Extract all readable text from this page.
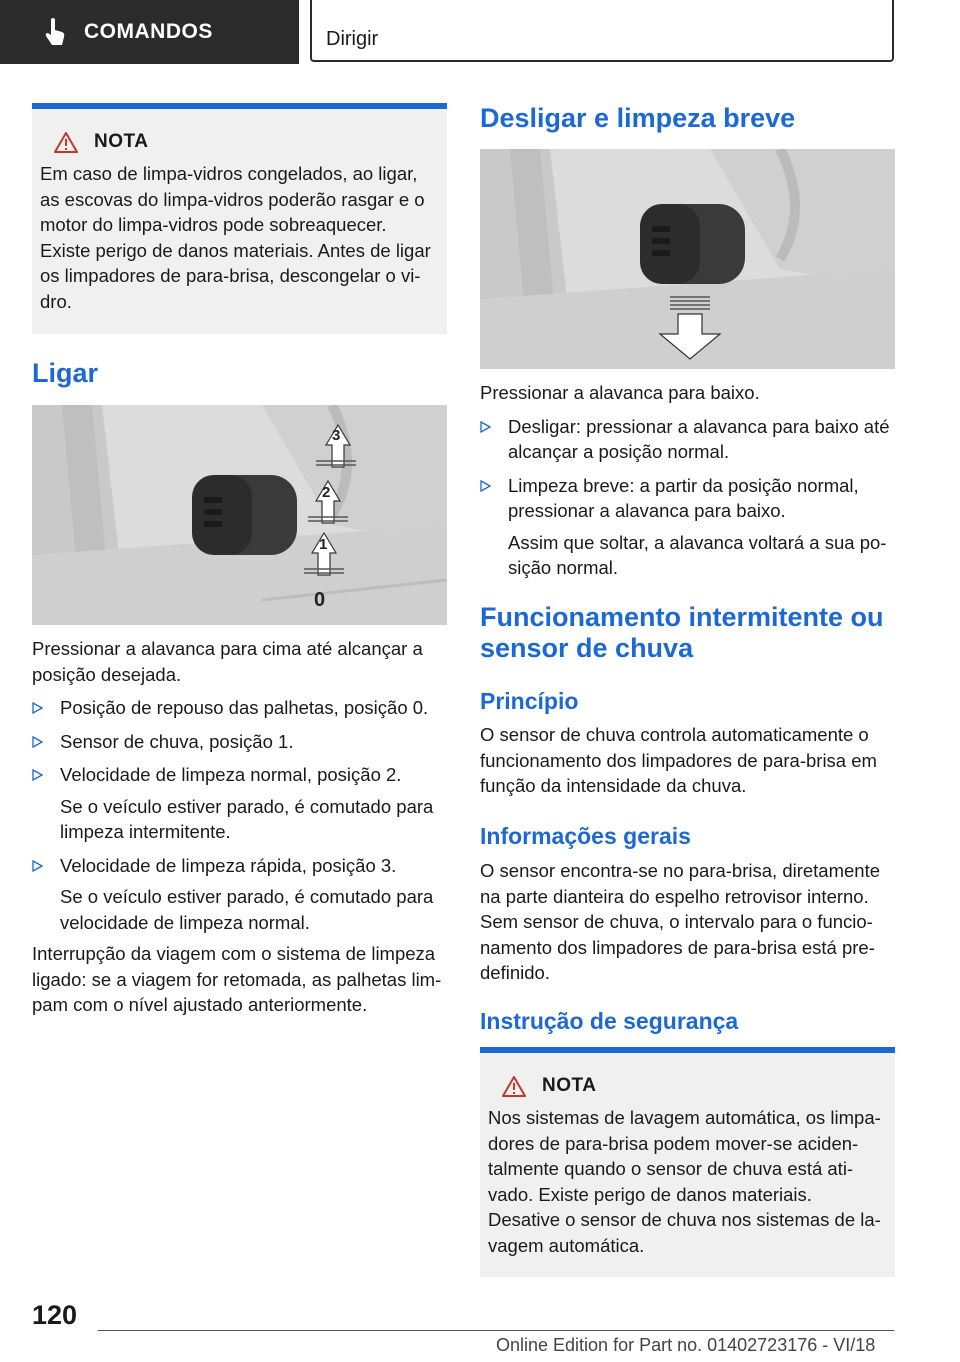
COMANDOS	Dirigir
NOTA

Em caso de limpa-vidros congelados, ao ligar, as escovas do limpa-vidros poderão rasgar e o motor do limpa-vidros pode sobreaquecer. Existe perigo de danos materiais. Antes de ligar os limpadores de para-brisa, descongelar o vi-dro.

Ligar
3
2
1
0

Pressionar a alavanca para cima até alcançar a posição desejada.

Posição de repouso das palhetas, posição 0.

Sensor de chuva, posição 1.

Velocidade de limpeza normal, posição 2.

Se o veículo estiver parado, é comutado para limpeza intermitente.

Velocidade de limpeza rápida, posição 3.

Se o veículo estiver parado, é comutado para velocidade de limpeza normal.

Interrupção da viagem com o sistema de limpeza ligado: se a viagem for retomada, as palhetas lim-pam com o nível ajustado anteriormente.

Desligar e limpeza breve

Pressionar a alavanca para baixo.

Desligar: pressionar a alavanca para baixo até alcançar a posição normal.

Limpeza breve: a partir da posição normal, pressionar a alavanca para baixo.

Assim que soltar, a alavanca voltará a sua po-sição normal.

Funcionamento intermitente ou sensor de chuva
Princípio

O sensor de chuva controla automaticamente o funcionamento dos limpadores de para-brisa em função da intensidade da chuva.

Informações gerais

O sensor encontra-se no para-brisa, diretamente na parte dianteira do espelho retrovisor interno. Sem sensor de chuva, o intervalo para o funcio-namento dos limpadores de para-brisa está pre-definido.

Instrução de segurança
NOTA

Nos sistemas de lavagem automática, os limpa-dores de para-brisa podem mover-se aciden-talmente quando o sensor de chuva está ati-vado. Existe perigo de danos materiais.

Desative o sensor de chuva nos sistemas de la-vagem automática.

120
Online Edition for Part no. 01402723176 - VI/18
